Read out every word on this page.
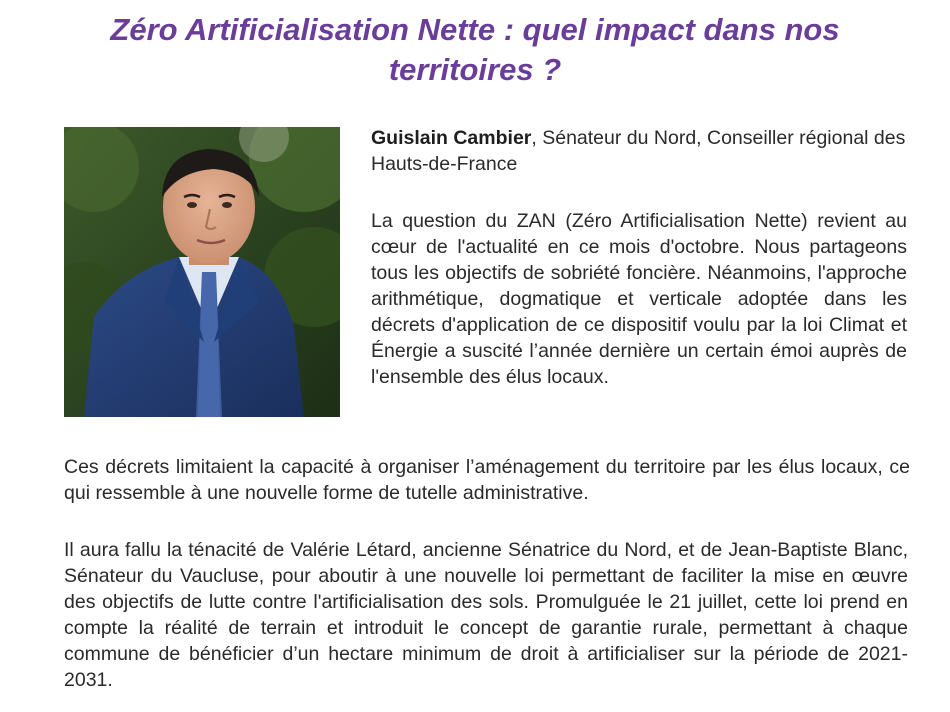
Zéro Artificialisation Nette : quel impact dans nos territoires ?

Guislain Cambier, Sénateur du Nord, Conseiller régional des Hauts-de-France

La question du ZAN (Zéro Artificialisation Nette) revient au cœur de l'actualité en ce mois d'octobre. Nous partageons tous les objectifs de sobriété foncière. Néanmoins, l'approche arithmétique, dogmatique et verticale adoptée dans les décrets d'application de ce dispositif voulu par la loi Climat et Énergie a suscité l’année dernière un certain émoi auprès de l'ensemble des élus locaux.

Ces décrets limitaient la capacité à organiser l’aménagement du territoire par les élus locaux, ce qui ressemble à une nouvelle forme de tutelle administrative.

Il aura fallu la ténacité de Valérie Létard, ancienne Sénatrice du Nord, et de Jean-Baptiste Blanc, Sénateur du Vaucluse, pour aboutir à une nouvelle loi permettant de faciliter la mise en œuvre des objectifs de lutte contre l'artificialisation des sols. Promulguée le 21 juillet, cette loi prend en compte la réalité de terrain et introduit le concept de garantie rurale, permettant à chaque commune de bénéficier d’un hectare minimum de droit à artificialiser sur la période de 2021-2031.
